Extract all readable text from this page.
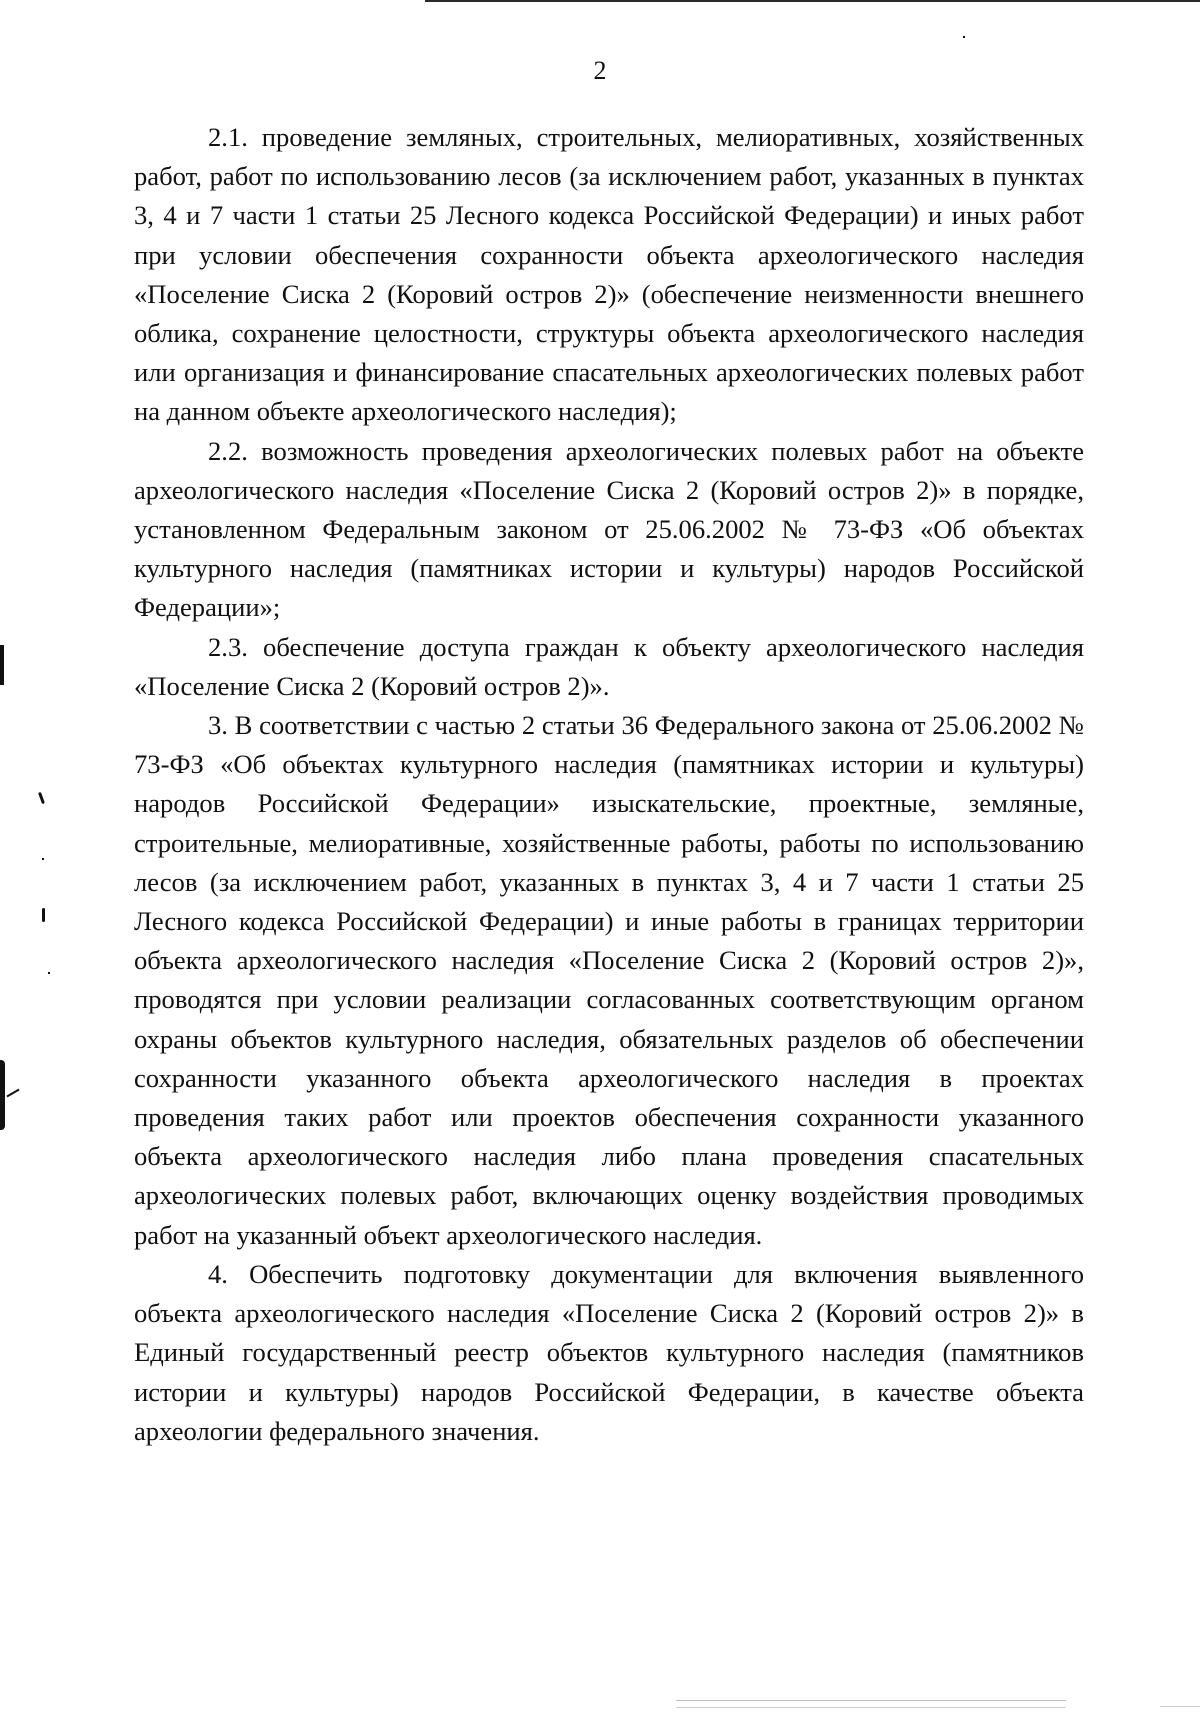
2

2.1. проведение земляных, строительных, мелиоративных, хозяйственных работ, работ по использованию лесов (за исключением работ, указанных в пунктах 3, 4 и 7 части 1 статьи 25 Лесного кодекса Российской Федерации) и иных работ при условии обеспечения сохранности объекта археологического наследия «Поселение Сиска 2 (Коровий остров 2)» (обеспечение неизменности внешнего облика, сохранение целостности, структуры объекта археологического наследия или организация и финансирование спасательных археологических полевых работ на данном объекте археологического наследия);

2.2. возможность проведения археологических полевых работ на объекте археологического наследия «Поселение Сиска 2 (Коровий остров 2)» в порядке, установленном Федеральным законом от 25.06.2002 № 73-ФЗ «Об объектах культурного наследия (памятниках истории и культуры) народов Российской Федерации»;

2.3. обеспечение доступа граждан к объекту археологического наследия «Поселение Сиска 2 (Коровий остров 2)».

3. В соответствии с частью 2 статьи 36 Федерального закона от 25.06.2002 № 73-ФЗ «Об объектах культурного наследия (памятниках истории и культуры) народов Российской Федерации» изыскательские, проектные, земляные, строительные, мелиоративные, хозяйственные работы, работы по использованию лесов (за исключением работ, указанных в пунктах 3, 4 и 7 части 1 статьи 25 Лесного кодекса Российской Федерации) и иные работы в границах территории объекта археологического наследия «Поселение Сиска 2 (Коровий остров 2)», проводятся при условии реализации согласованных соответствующим органом охраны объектов культурного наследия, обязательных разделов об обеспечении сохранности указанного объекта археологического наследия в проектах проведения таких работ или проектов обеспечения сохранности указанного объекта археологического наследия либо плана проведения спасательных археологических полевых работ, включающих оценку воздействия проводимых работ на указанный объект археологического наследия.

4. Обеспечить подготовку документации для включения выявленного объекта археологического наследия «Поселение Сиска 2 (Коровий остров 2)» в Единый государственный реестр объектов культурного наследия (памятников истории и культуры) народов Российской Федерации, в качестве объекта археологии федерального значения.
